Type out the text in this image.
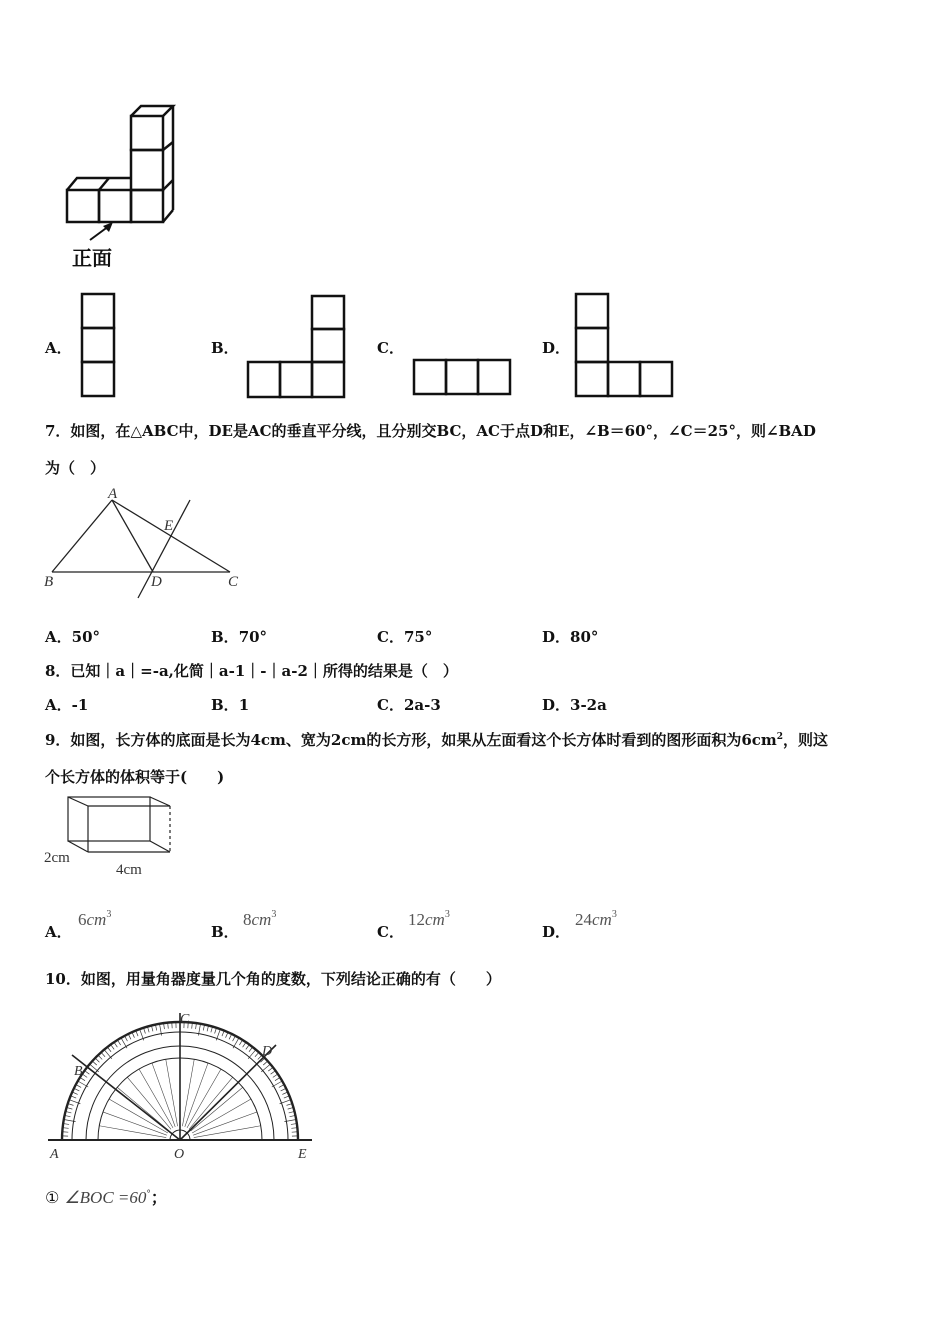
正面
A．	B．	C．	D．
7．如图，在△ABC中，DE是AC的垂直平分线，且分别交BC，AC于点D和E，∠B＝60°，∠C＝25°，则∠BAD
为（　）
A
B	C
D
E
A．50°	B．70°	C．75°	D．80°
8．已知｜a｜=-a,化简｜a-1｜-｜a-2｜所得的结果是（　）
A．-1	B．1	C．2a-3	D．3-2a
9．如图，长方体的底面是长为4cm、宽为2cm的长方形，如果从左面看这个长方体时看到的图形面积为$6cm^2$，则这
个长方体的体积等于(　　)
2cm
4cm
A．
$6cm^3$
B．
$8cm^3$
C．
$12cm^3$
D．
$24cm^3$
10．如图，用量角器度量几个角的度数，下列结论正确的有（　　）
A
B
C
D
E
O
① ∠BOC =60°；
